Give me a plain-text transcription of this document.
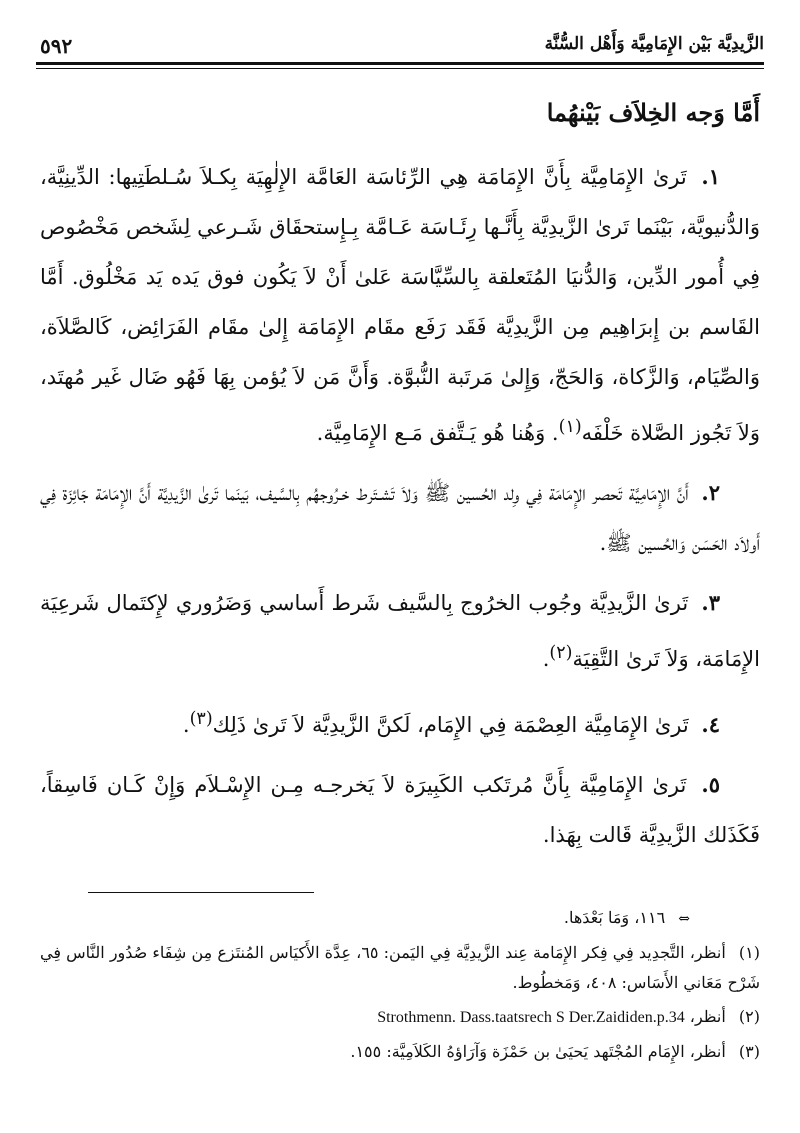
الزَّيدِيَّة بَيْن الإِمَامِيَّة وَأَهْل السُّنَّة
٥٩٢
أَمَّا وَجه الخِلاَف بَيْنهُما

١. تَرىٰ الإِمَامِيَّة بِأَنَّ الإِمَامَة هِي الرِّئاسَة العَامَّة الإِلٰهِيَة بِكـلاَ سُـلطَتِيها: الدِّينِيَّة، وَالدُّنيويَّة، بَيْنَما تَرىٰ الزَّيدِيَّة بِأَنَّـها رِئَـاسَة عَـامَّة بِـإِستحقَاق شَـرعي لِشَخص مَخْصُوص فِي أُمور الدِّين، وَالدُّنيَا المُتَعلقة بِالسِّيَّاسَة عَلىٰ أَنْ لاَ يَكُون فوق يَده يَد مَخْلُوق. أَمَّا القَاسم بن إِبرَاهِيم مِن الزَّيدِيَّة فَقَد رَفَع مقَام الإِمَامَة إِلىٰ مقَام الفَرَائِض، كَالصَّلاَة، وَالصِّيَام، وَالزَّكاة، وَالحَجّ، وَإِلىٰ مَرتَبة النُّبوَّة. وَأَنَّ مَن لاَ يُؤمن بِهَا فَهُو ضَال غَير مُهتَد، وَلاَ تَجُوز الصَّلاة خَلْفَه$^{(١)}$. وَهُنا هُو يَـتَّفق مَـع الإِمَامِيَّة.

٢. أَنَّ الإِمَامِيَّة تَحصر الإِمَامَة فِي وِلد الحُسين ﷺ وَلاَ تَشـتَرط خـرُوجهُم بِالسَّيف، بَينَما تَرىٰ الزَّيدِيَّة أَنَّ الإِمَامَة جَائِزَة فِي أَولاَد الحَسَن وَالحُسين ﷺ.

٣. تَرىٰ الزَّيدِيَّة وجُوب الخرُوج بِالسَّيف شَرط أَساسي وَضَرُوري لإِكتَمال شَرعِيَة الإِمَامَة، وَلاَ تَرىٰ التَّقِيَة$^{(٢)}$.

٤. تَرىٰ الإِمَامِيَّة العِصْمَة فِي الإِمَام، لَكنَّ الزَّيدِيَّة لاَ تَرىٰ ذَلِك$^{(٣)}$.

٥. تَرىٰ الإِمَامِيَّة بِأَنَّ مُرتَكب الكَبِيرَة لاَ يَخرجـه مِـن الإِسْـلاَم وَإِنْ كَـان فَاسِقاً، فَكَذَلك الزَّيدِيَّة قَالت بِهَذا.

⇔ ١١٦، وَمَا بَعْدَها.
(١) أنظر، التَّجدِيد فِي فِكر الإِمَامة عِند الزَّيدِيَّة فِي اليَمن: ٦٥، عِدَّة الأَكيَاس المُنتَزع مِن شِفَاء صُدُور النَّاس فِي شَرْح مَعَاني الأَسَاس: ٤٠٨، وَمَخطُوط.
(٢) أنظر، Strothmenn. Dass.taatsrech S Der.Zaididen.p.34
(٣) أنظر، الإِمَام المُجْتَهد يَحيَىٰ بن حَمْزَة وَآرَاؤهُ الكَلاَمِيَّة: ١٥٥.
